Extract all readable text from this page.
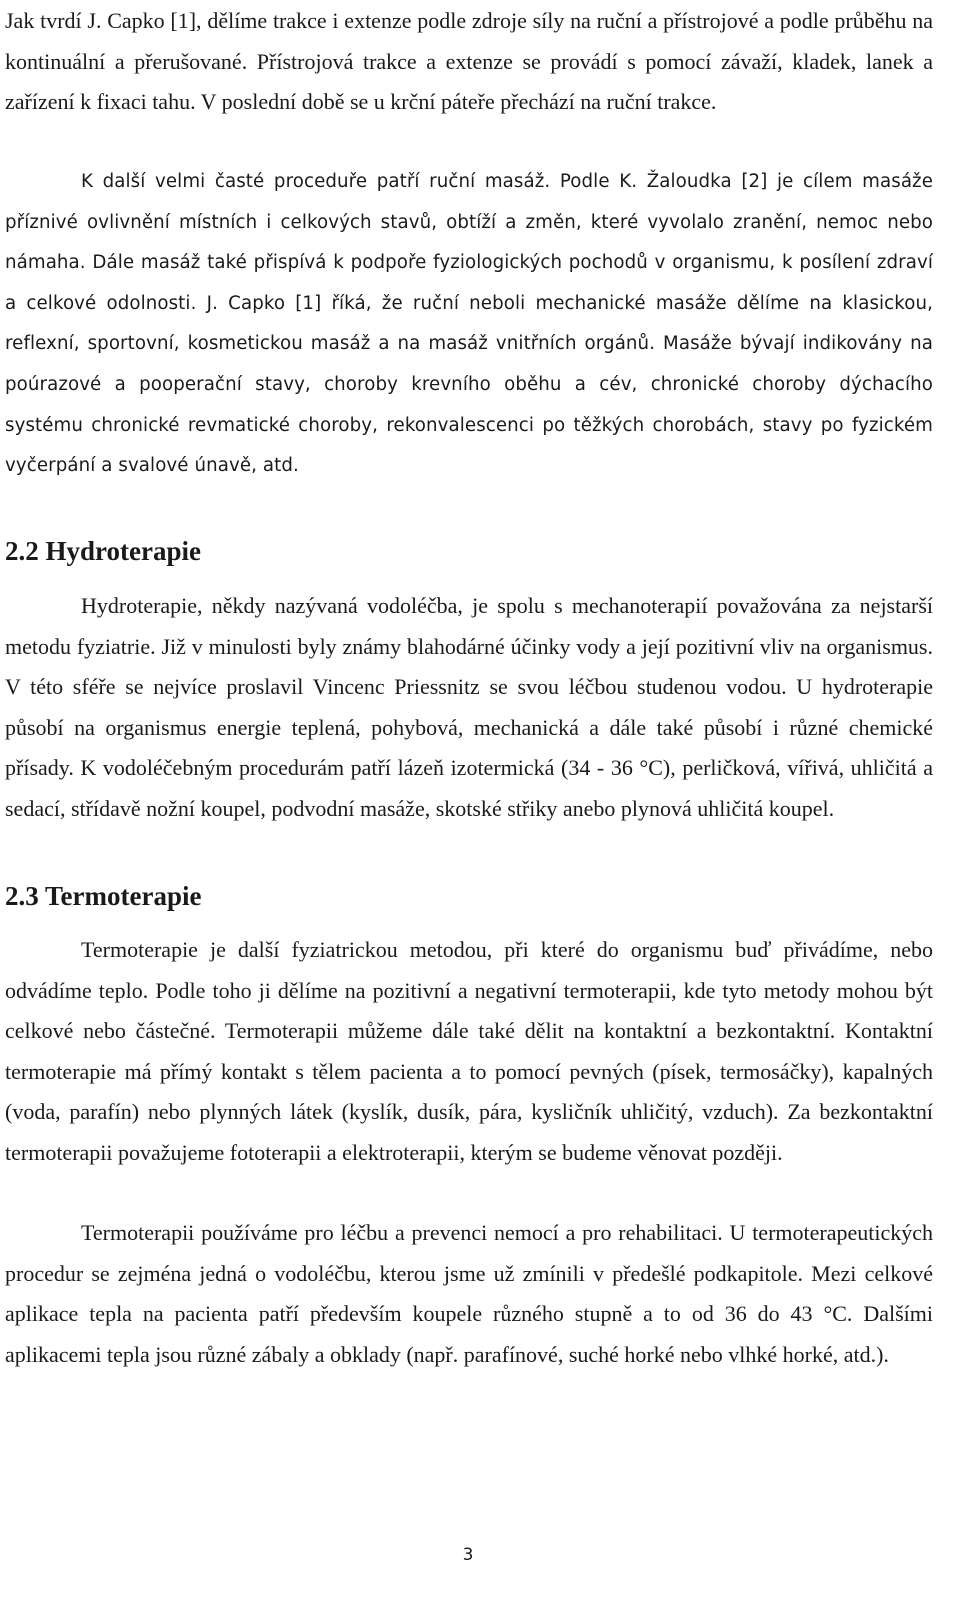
Jak tvrdí J. Capko [1], dělíme trakce i extenze podle zdroje síly na ruční a přístrojové a podle průběhu na kontinuální a přerušované. Přístrojová trakce a extenze se provádí s pomocí závaží, kladek, lanek a zařízení k fixaci tahu. V poslední době se u krční páteře přechází na ruční trakce.

K další velmi časté proceduře patří ruční masáž. Podle K. Žaloudka [2] je cílem masáže příznivé ovlivnění místních i celkových stavů, obtíží a změn, které vyvolalo zranění, nemoc nebo námaha. Dále masáž také přispívá k podpoře fyziologických pochodů v organismu, k posílení zdraví a celkové odolnosti. J. Capko [1] říká, že ruční neboli mechanické masáže dělíme na klasickou, reflexní, sportovní, kosmetickou masáž a na masáž vnitřních orgánů. Masáže bývají indikovány na poúrazové a pooperační stavy, choroby krevního oběhu a cév, chronické choroby dýchacího systému chronické revmatické choroby, rekonvalescenci po těžkých chorobách, stavy po fyzickém vyčerpání a svalové únavě, atd.

2.2 Hydroterapie

Hydroterapie, někdy nazývaná vodoléčba, je spolu s mechanoterapií považována za nejstarší metodu fyziatrie. Již v minulosti byly známy blahodárné účinky vody a její pozitivní vliv na organismus. V této sféře se nejvíce proslavil Vincenc Priessnitz se svou léčbou studenou vodou. U hydroterapie působí na organismus energie teplená, pohybová, mechanická a dále také působí i různé chemické přísady. K vodoléčebným procedurám patří lázeň izotermická (34 - 36 °C), perličková, vířivá, uhličitá a sedací, střídavě nožní koupel, podvodní masáže, skotské střiky anebo plynová uhličitá koupel.

2.3 Termoterapie

Termoterapie je další fyziatrickou metodou, při které do organismu buď přivádíme, nebo odvádíme teplo. Podle toho ji dělíme na pozitivní a negativní termoterapii, kde tyto metody mohou být celkové nebo částečné. Termoterapii můžeme dále také dělit na kontaktní a bezkontaktní. Kontaktní termoterapie má přímý kontakt s tělem pacienta a to pomocí pevných (písek, termosáčky), kapalných (voda, parafín) nebo plynných látek (kyslík, dusík, pára, kysličník uhličitý, vzduch). Za bezkontaktní termoterapii považujeme fototerapii a elektroterapii, kterým se budeme věnovat později.

Termoterapii používáme pro léčbu a prevenci nemocí a pro rehabilitaci. U termoterapeutických procedur se zejména jedná o vodoléčbu, kterou jsme už zmínili v předešlé podkapitole. Mezi celkové aplikace tepla na pacienta patří především koupele různého stupně a to od 36 do 43 °C. Dalšími aplikacemi tepla jsou různé zábaly a obklady (např. parafínové, suché horké nebo vlhké horké, atd.).

3
